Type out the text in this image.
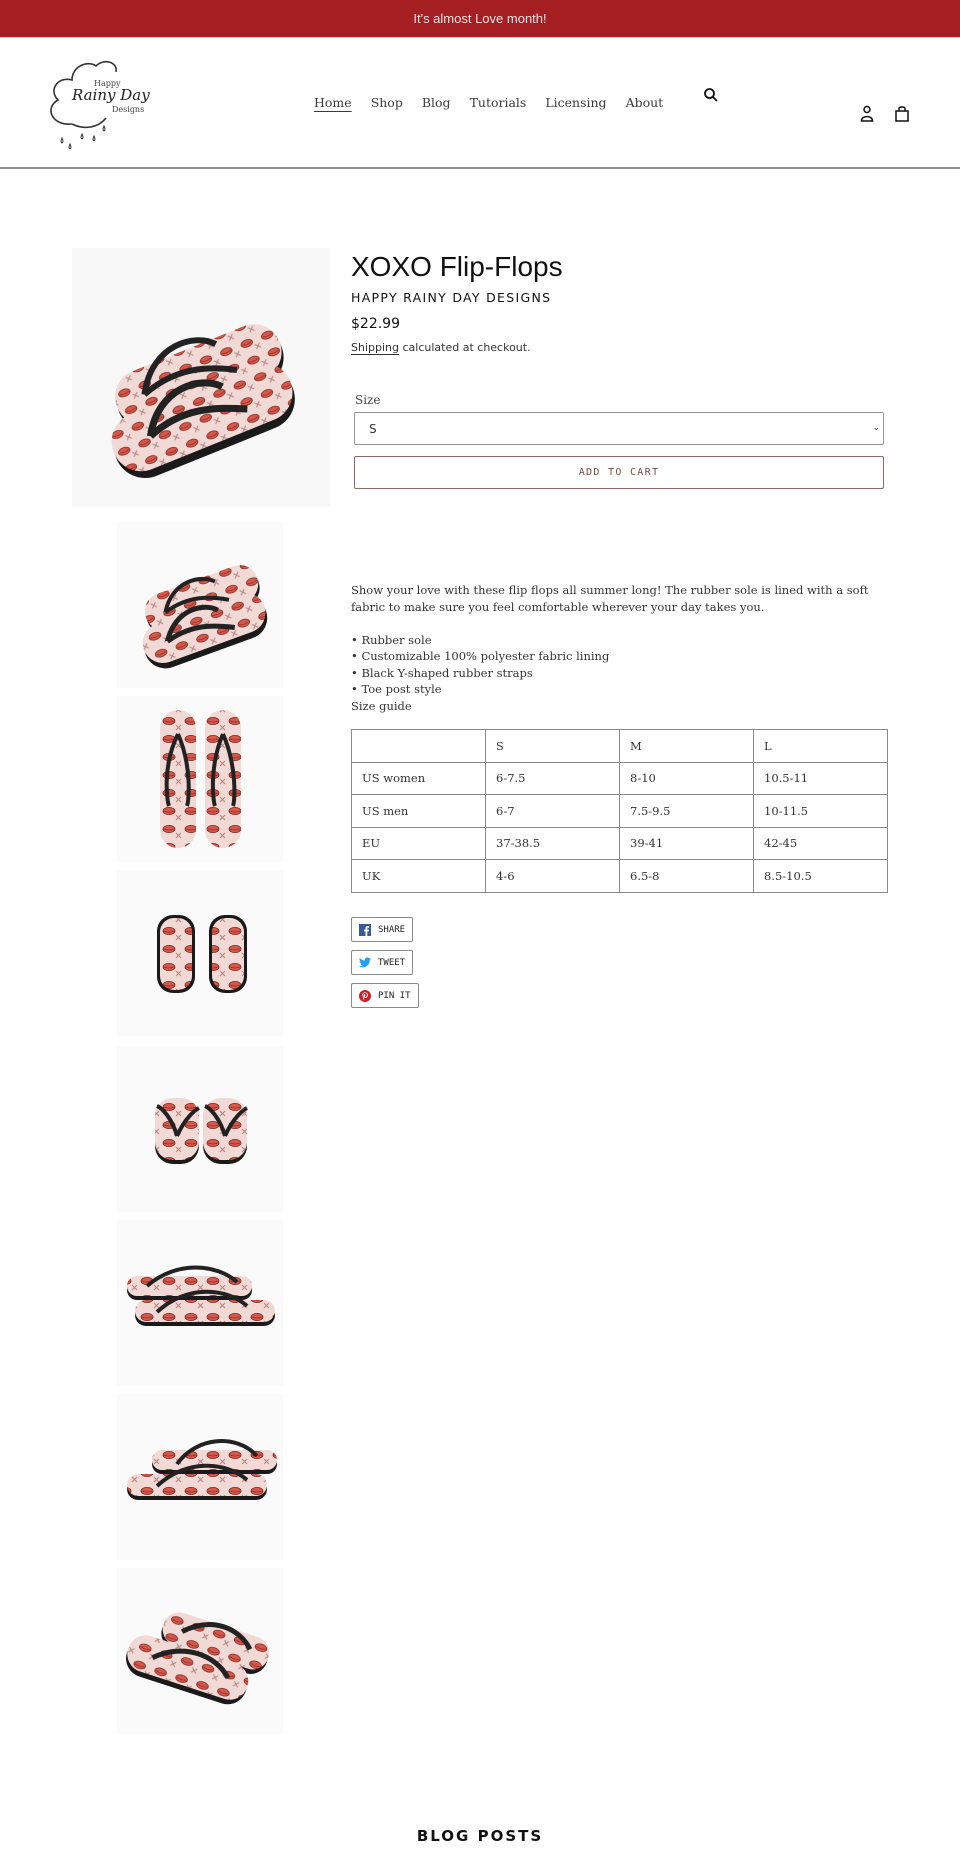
It's almost Love month!
Happy
Rainy Day
Designs	Home Shop Blog Tutorials Licensing About
XOXO Flip-Flops
HAPPY RAINY DAY DESIGNS
$22.99
Shipping calculated at checkout.
Size
S	⌄
ADD TO CART

Show your love with these flip flops all summer long! The rubber sole is lined with a soft fabric to make sure you feel comfortable wherever your day takes you.

• Rubber sole
• Customizable 100% polyester fabric lining
• Black Y-shaped rubber straps
• Toe post style
Size guide
	S	M	L
US women	6-7.5	8-10	10.5-11
US men	6-7	7.5-9.5	10-11.5
EU	37-38.5	39-41	42-45
UK	4-6	6.5-8	8.5-10.5
SHARE
TWEET
PIN IT
BLOG POSTS
